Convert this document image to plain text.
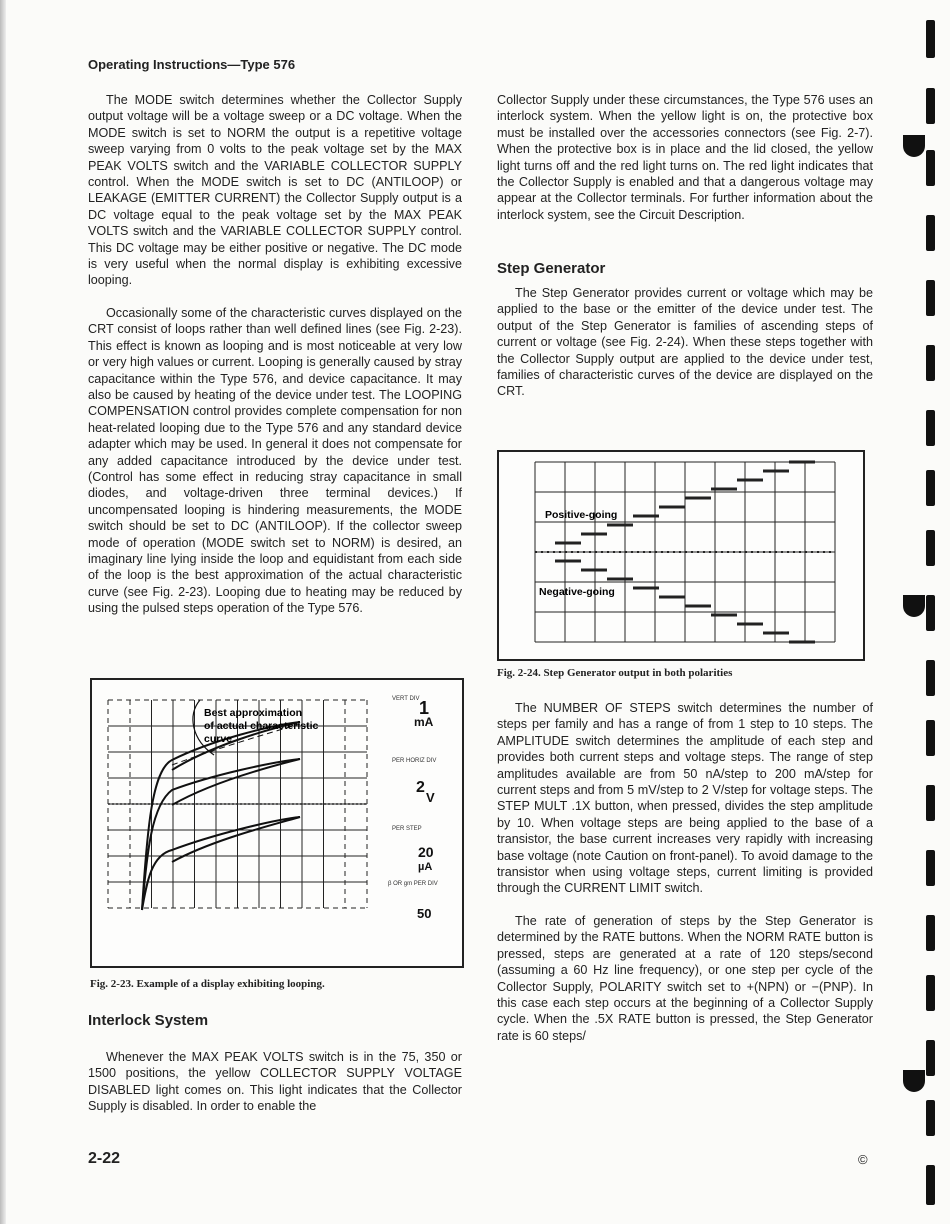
Operating Instructions—Type 576

The MODE switch determines whether the Collector Supply output voltage will be a voltage sweep or a DC voltage. When the MODE switch is set to NORM the output is a repetitive voltage sweep varying from 0 volts to the peak voltage set by the MAX PEAK VOLTS switch and the VARIABLE COLLECTOR SUPPLY control. When the MODE switch is set to DC (ANTILOOP) or LEAKAGE (EMITTER CURRENT) the Collector Supply output is a DC voltage equal to the peak voltage set by the MAX PEAK VOLTS switch and the VARIABLE COLLECTOR SUPPLY control. This DC voltage may be either positive or negative. The DC mode is very useful when the normal display is exhibiting excessive looping.

Occasionally some of the characteristic curves displayed on the CRT consist of loops rather than well defined lines (see Fig. 2-23). This effect is known as looping and is most noticeable at very low or very high values or current. Looping is generally caused by stray capacitance within the Type 576, and device capacitance. It may also be caused by heating of the device under test. The LOOPING COMPENSATION control provides complete compensation for non heat-related looping due to the Type 576 and any standard device adapter which may be used. In general it does not compensate for any added capacitance introduced by the device under test. (Control has some effect in reducing stray capacitance in small diodes, and voltage-driven three terminal devices.) If uncompensated looping is hindering measurements, the MODE switch should be set to DC (ANTILOOP). If the collector sweep mode of operation (MODE switch set to NORM) is desired, an imaginary line lying inside the loop and equidistant from each side of the loop is the best approximation of the actual characteristic curve (see Fig. 2-23). Looping due to heating may be reduced by using the pulsed steps operation of the Type 576.

Best approximation
of actual characteristic
curve
VERT DIV
PER HORIZ DIV
PER STEP
β OR gm PER DIV
1
mA
2
V
20
µA
50
Fig. 2-23. Example of a display exhibiting looping.
Interlock System

Whenever the MAX PEAK VOLTS switch is in the 75, 350 or 1500 positions, the yellow COLLECTOR SUPPLY VOLTAGE DISABLED light comes on. This light indicates that the Collector Supply is disabled. In order to enable the

Collector Supply under these circumstances, the Type 576 uses an interlock system. When the yellow light is on, the protective box must be installed over the accessories connectors (see Fig. 2-7). When the protective box is in place and the lid closed, the yellow light turns off and the red light turns on. The red light indicates that the Collector Supply is enabled and that a dangerous voltage may appear at the Collector terminals. For further information about the interlock system, see the Circuit Description.

Step Generator

The Step Generator provides current or voltage which may be applied to the base or the emitter of the device under test. The output of the Step Generator is families of ascending steps of current or voltage (see Fig. 2-24). When these steps together with the Collector Supply output are applied to the device under test, families of characteristic curves of the device are displayed on the CRT.

Positive-going
Negative-going
Fig. 2-24. Step Generator output in both polarities

The NUMBER OF STEPS switch determines the number of steps per family and has a range of from 1 step to 10 steps. The AMPLITUDE switch determines the amplitude of each step and provides both current steps and voltage steps. The range of step amplitudes available are from 50 nA/step to 200 mA/step for current steps and from 5 mV/step to 2 V/step for voltage steps. The STEP MULT .1X button, when pressed, divides the step amplitude by 10. When voltage steps are being applied to the base of a transistor, the base current increases very rapidly with increasing base voltage (note Caution on front-panel). To avoid damage to the transistor when using voltage steps, current limiting is provided through the CURRENT LIMIT switch.

The rate of generation of steps by the Step Generator is determined by the RATE buttons. When the NORM RATE button is pressed, steps are generated at a rate of 120 steps/second (assuming a 60 Hz line frequency), or one step per cycle of the Collector Supply, POLARITY switch set to +(NPN) or −(PNP). In this case each step occurs at the beginning of a Collector Supply cycle. When the .5X RATE button is pressed, the Step Generator rate is 60 steps/

2-22	©
